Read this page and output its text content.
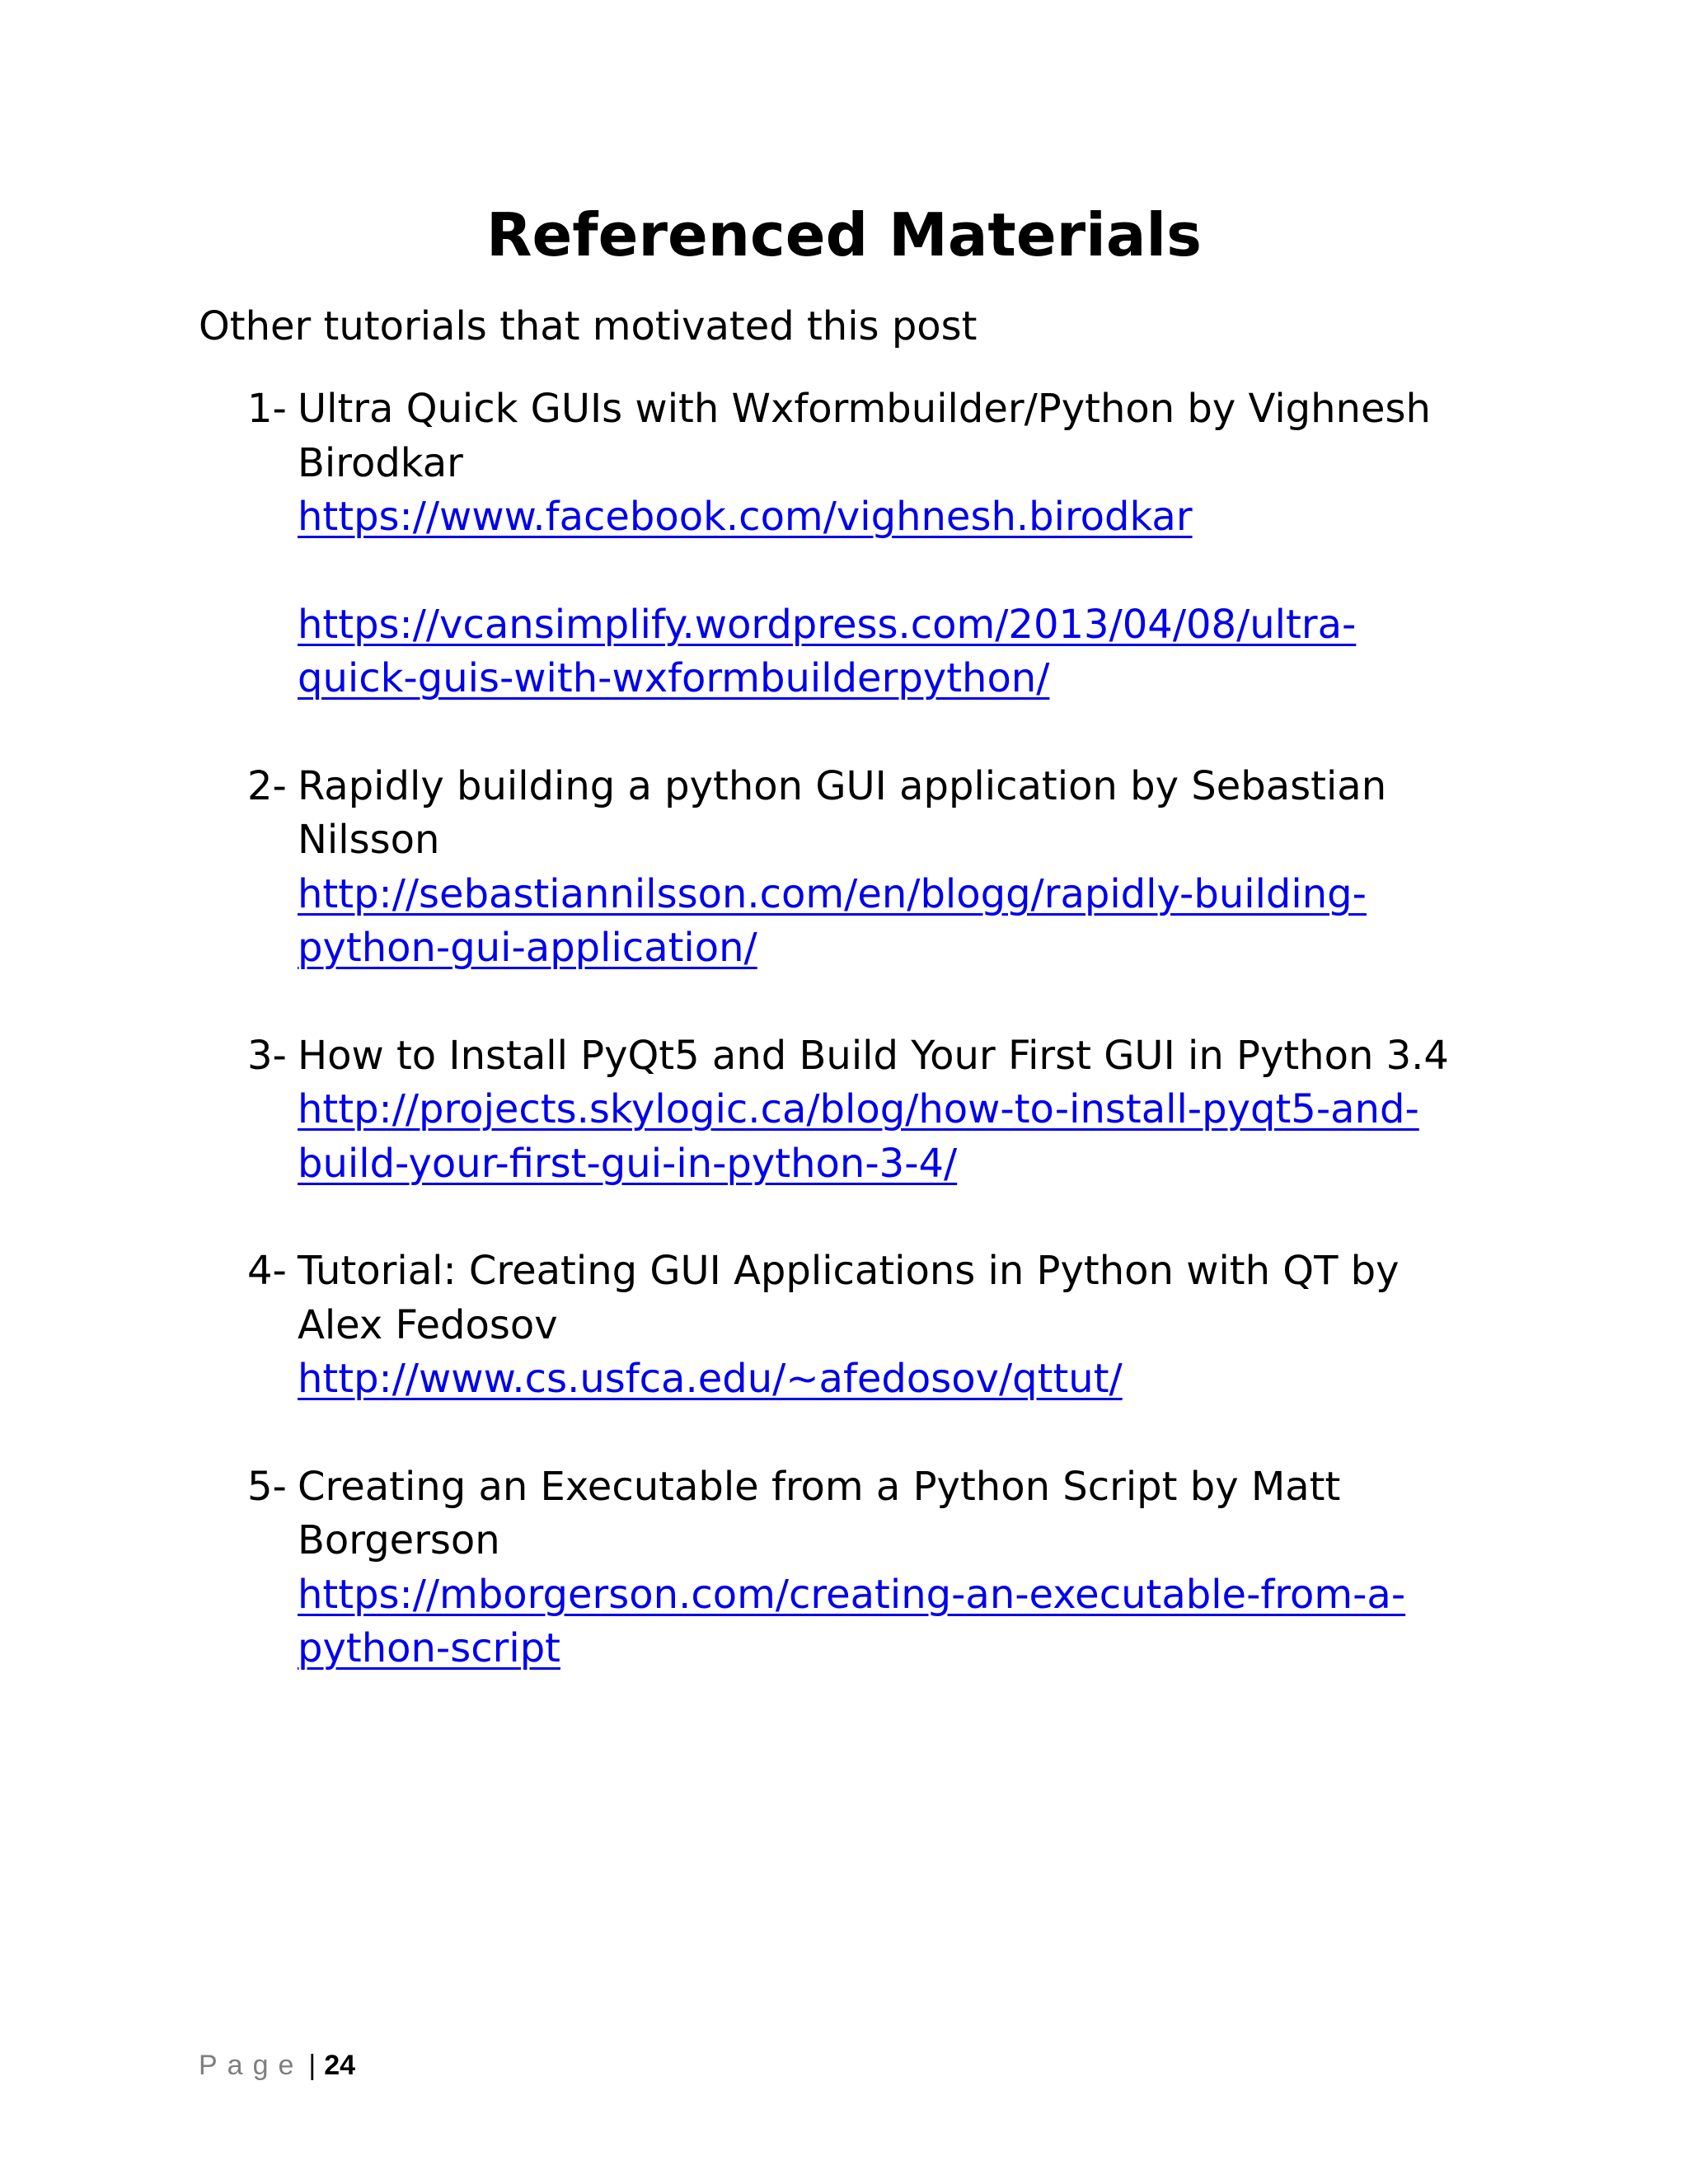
Referenced Materials

Other tutorials that motivated this post

1- Ultra Quick GUIs with Wxformbuilder/Python by Vighnesh Birodkar
https://www.facebook.com/vighnesh.birodkar
https://vcansimplify.wordpress.com/2013/04/08/ultra-quick-guis-with-wxformbuilderpython/
2- Rapidly building a python GUI application by Sebastian Nilsson
http://sebastiannilsson.com/en/blogg/rapidly-building-python-gui-application/
3- How to Install PyQt5 and Build Your First GUI in Python 3.4
http://projects.skylogic.ca/blog/how-to-install-pyqt5-and-build-your-first-gui-in-python-3-4/
4- Tutorial: Creating GUI Applications in Python with QT by Alex Fedosov
http://www.cs.usfca.edu/~afedosov/qttut/
5- Creating an Executable from a Python Script by Matt Borgerson
https://mborgerson.com/creating-an-executable-from-a-python-script
Page | 24
